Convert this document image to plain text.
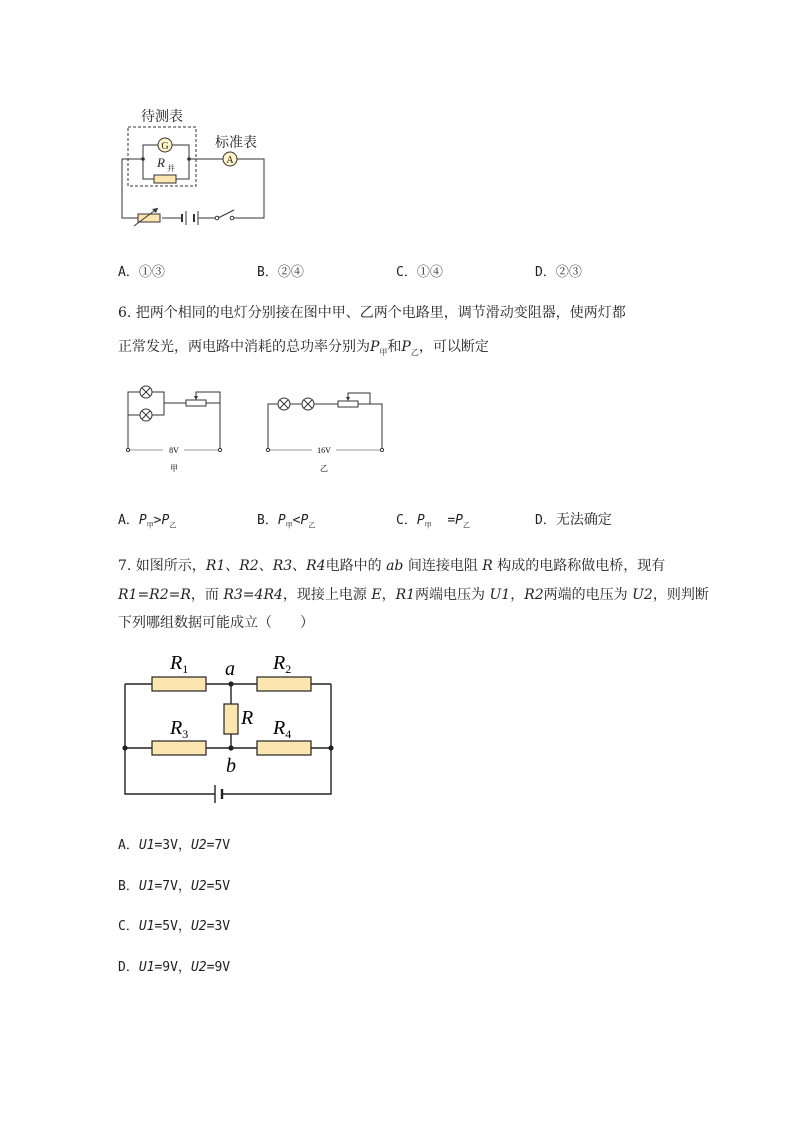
待测表
标准表
G
R 并
A
A．①③	B．②④	C．①④	D．②③
6. 把两个相同的电灯分别接在图中甲、乙两个电路里，调节滑动变阻器，使两灯都
正常发光，两电路中消耗的总功率分别为$P_甲$和$P_乙$，可以断定
8V
甲
16V
乙
A．$P_甲>P_乙$	B．$P_甲<P_乙$	C．$P_甲 =P_乙$	D．无法确定
7. 如图所示，R1、R2、R3、R4电路中的 ab 间连接电阻 R 构成的电路称做电桥，现有
R1=R2=R，而 R3=4R4，现接上电源 E，R1两端电压为 U1，R2两端的电压为 U2，则判断
下列哪组数据可能成立（　　）
$R_1$	$R_2$
$R_3$	$R_4$
R
a
b
A．U1=3V，U2=7V
B．U1=7V，U2=5V
C．U1=5V，U2=3V
D．U1=9V，U2=9V
